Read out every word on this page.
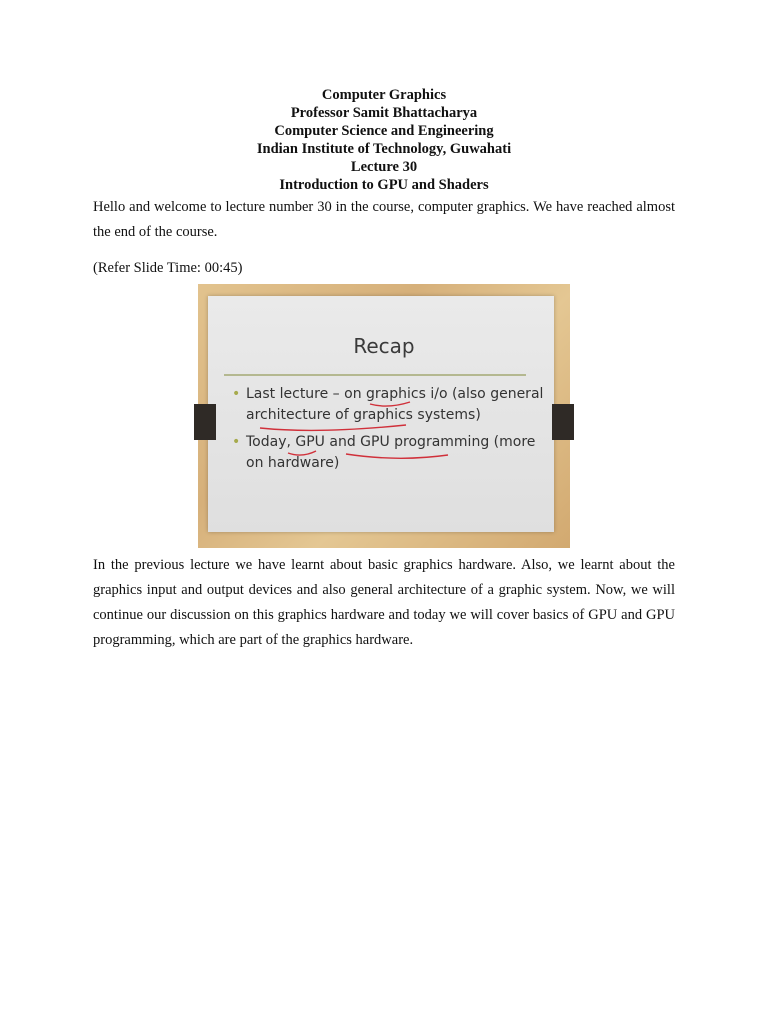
Computer Graphics
Professor Samit Bhattacharya
Computer Science and Engineering
Indian Institute of Technology, Guwahati
Lecture 30
Introduction to GPU and Shaders

Hello and welcome to lecture number 30 in the course, computer graphics. We have reached almost the end of the course.

(Refer Slide Time: 00:45)

Recap
• Last lecture – on graphics i/o (also general architecture of graphics systems)
• Today, GPU and GPU programming (more on hardware)

In the previous lecture we have learnt about basic graphics hardware. Also, we learnt about the graphics input and output devices and also general architecture of a graphic system. Now, we will continue our discussion on this graphics hardware and today we will cover basics of GPU and GPU programming, which are part of the graphics hardware.
